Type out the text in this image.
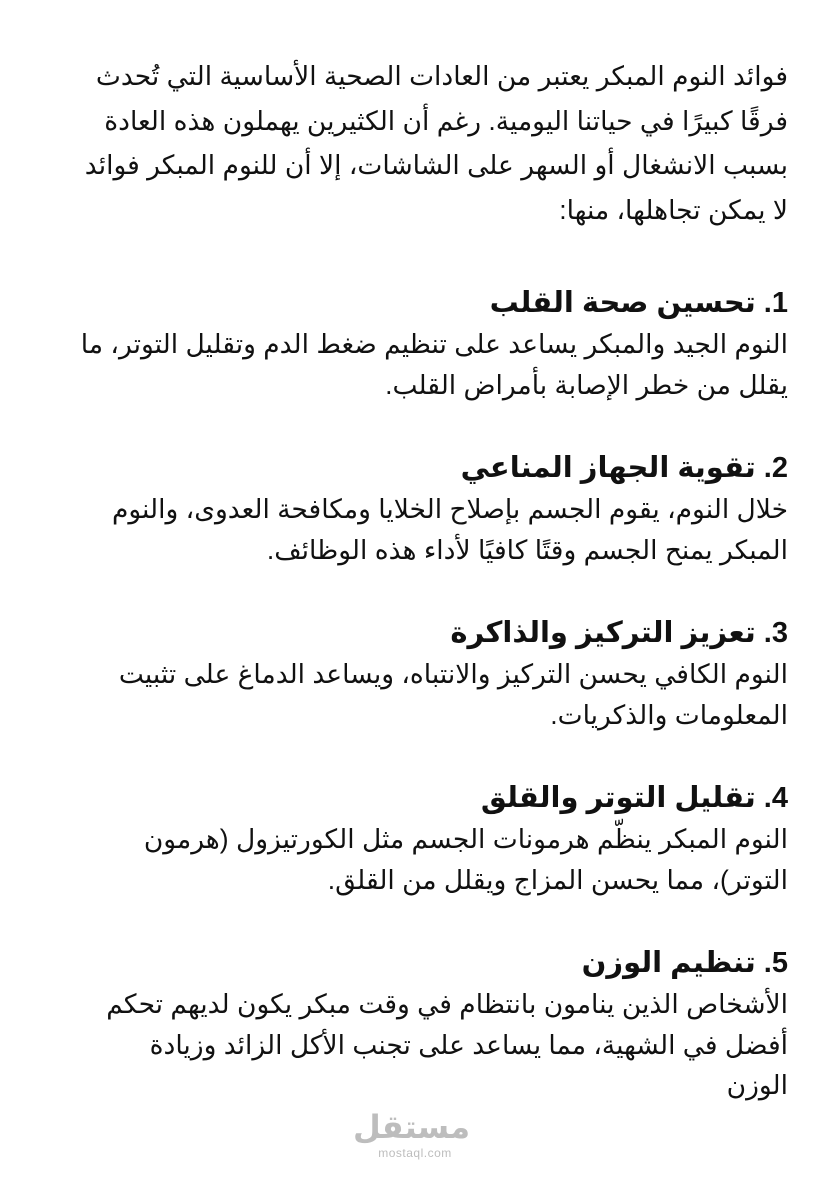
فوائد النوم المبكر يعتبر من العادات الصحية الأساسية التي تُحدث
فرقًا كبيرًا في حياتنا اليومية. رغم أن الكثيرين يهملون هذه العادة
بسبب الانشغال أو السهر على الشاشات، إلا أن للنوم المبكر فوائد
لا يمكن تجاهلها، منها:

1. تحسين صحة القلب

النوم الجيد والمبكر يساعد على تنظيم ضغط الدم وتقليل التوتر، ما
يقلل من خطر الإصابة بأمراض القلب.

2. تقوية الجهاز المناعي

خلال النوم، يقوم الجسم بإصلاح الخلايا ومكافحة العدوى، والنوم
المبكر يمنح الجسم وقتًا كافيًا لأداء هذه الوظائف.

3. تعزيز التركيز والذاكرة

النوم الكافي يحسن التركيز والانتباه، ويساعد الدماغ على تثبيت
المعلومات والذكريات.

4. تقليل التوتر والقلق

النوم المبكر ينظّم هرمونات الجسم مثل الكورتيزول (هرمون
التوتر)، مما يحسن المزاج ويقلل من القلق.

5. تنظيم الوزن

الأشخاص الذين ينامون بانتظام في وقت مبكر يكون لديهم تحكم
أفضل في الشهية، مما يساعد على تجنب الأكل الزائد وزيادة
الوزن

مستقل
mostaql.com
